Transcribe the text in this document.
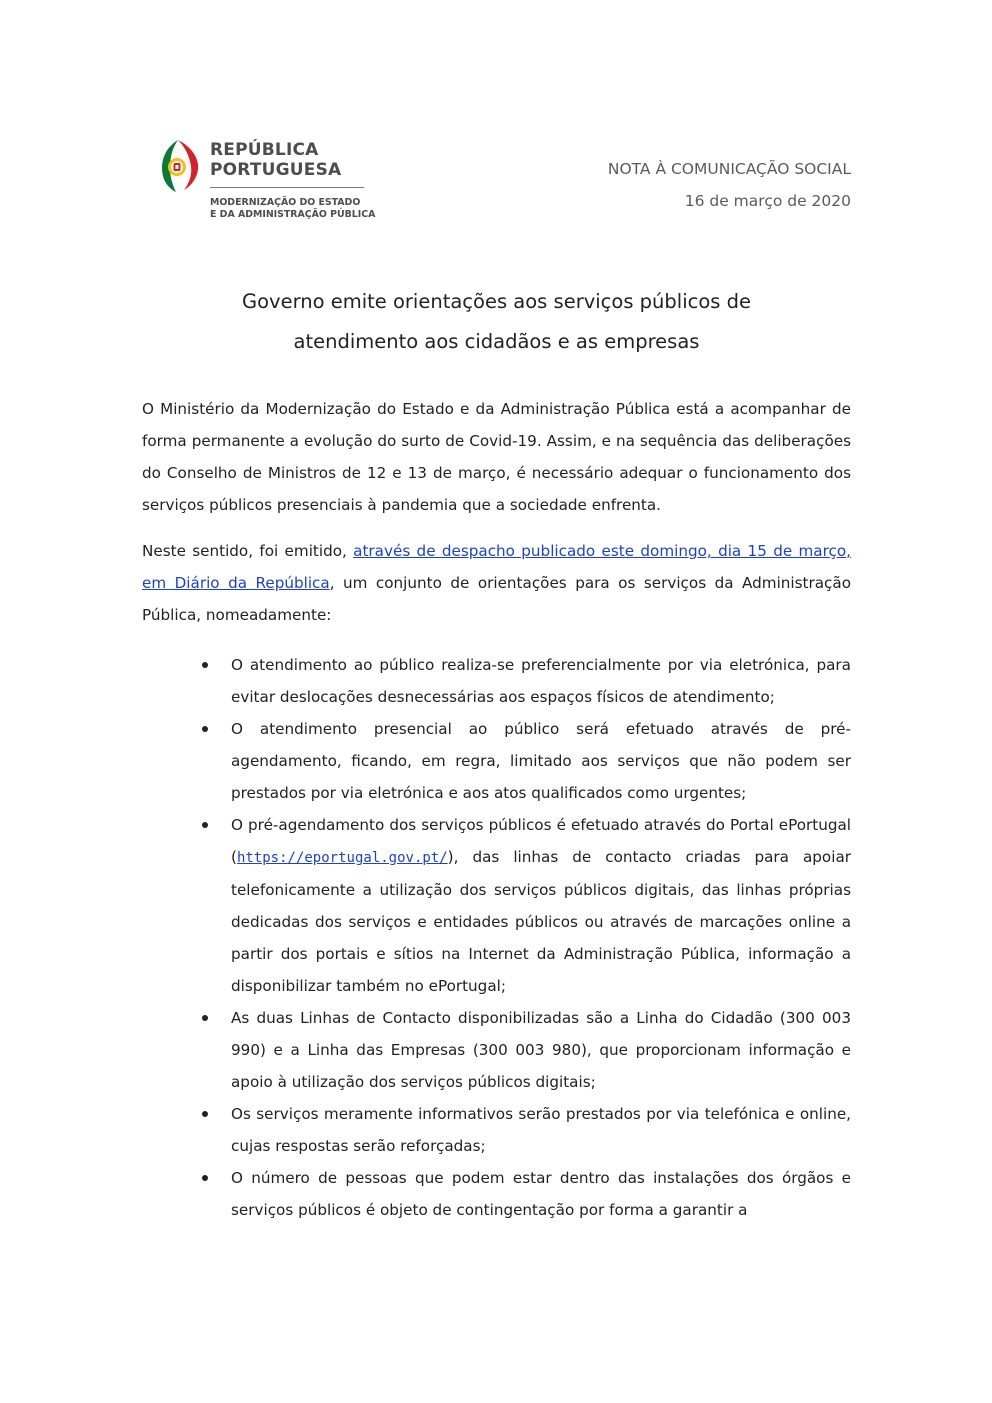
REPÚBLICA
PORTUGUESA
MODERNIZAÇÃO DO ESTADO
E DA ADMINISTRAÇÃO PÚBLICA
NOTA À COMUNICAÇÃO SOCIAL
16 de março de 2020
Governo emite orientações aos serviços públicos de
atendimento aos cidadãos e as empresas

O Ministério da Modernização do Estado e da Administração Pública está a acompanhar de forma permanente a evolução do surto de Covid-19. Assim, e na sequência das deliberações do Conselho de Ministros de 12 e 13 de março, é necessário adequar o funcionamento dos serviços públicos presenciais à pandemia que a sociedade enfrenta.

Neste sentido, foi emitido, através de despacho publicado este domingo, dia 15 de março, em Diário da República, um conjunto de orientações para os serviços da Administração Pública, nomeadamente:

O atendimento ao público realiza-se preferencialmente por via eletrónica, para evitar deslocações desnecessárias aos espaços físicos de atendimento;
O atendimento presencial ao público será efetuado através de pré-agendamento, ficando, em regra, limitado aos serviços que não podem ser prestados por via eletrónica e aos atos qualificados como urgentes;
O pré-agendamento dos serviços públicos é efetuado através do Portal ePortugal (https://eportugal.gov.pt/), das linhas de contacto criadas para apoiar telefonicamente a utilização dos serviços públicos digitais, das linhas próprias dedicadas dos serviços e entidades públicos ou através de marcações online a partir dos portais e sítios na Internet da Administração Pública, informação a disponibilizar também no ePortugal;
As duas Linhas de Contacto disponibilizadas são a Linha do Cidadão (300 003 990) e a Linha das Empresas (300 003 980), que proporcionam informação e apoio à utilização dos serviços públicos digitais;
Os serviços meramente informativos serão prestados por via telefónica e online, cujas respostas serão reforçadas;
O número de pessoas que podem estar dentro das instalações dos órgãos e serviços públicos é objeto de contingentação por forma a garantir a
